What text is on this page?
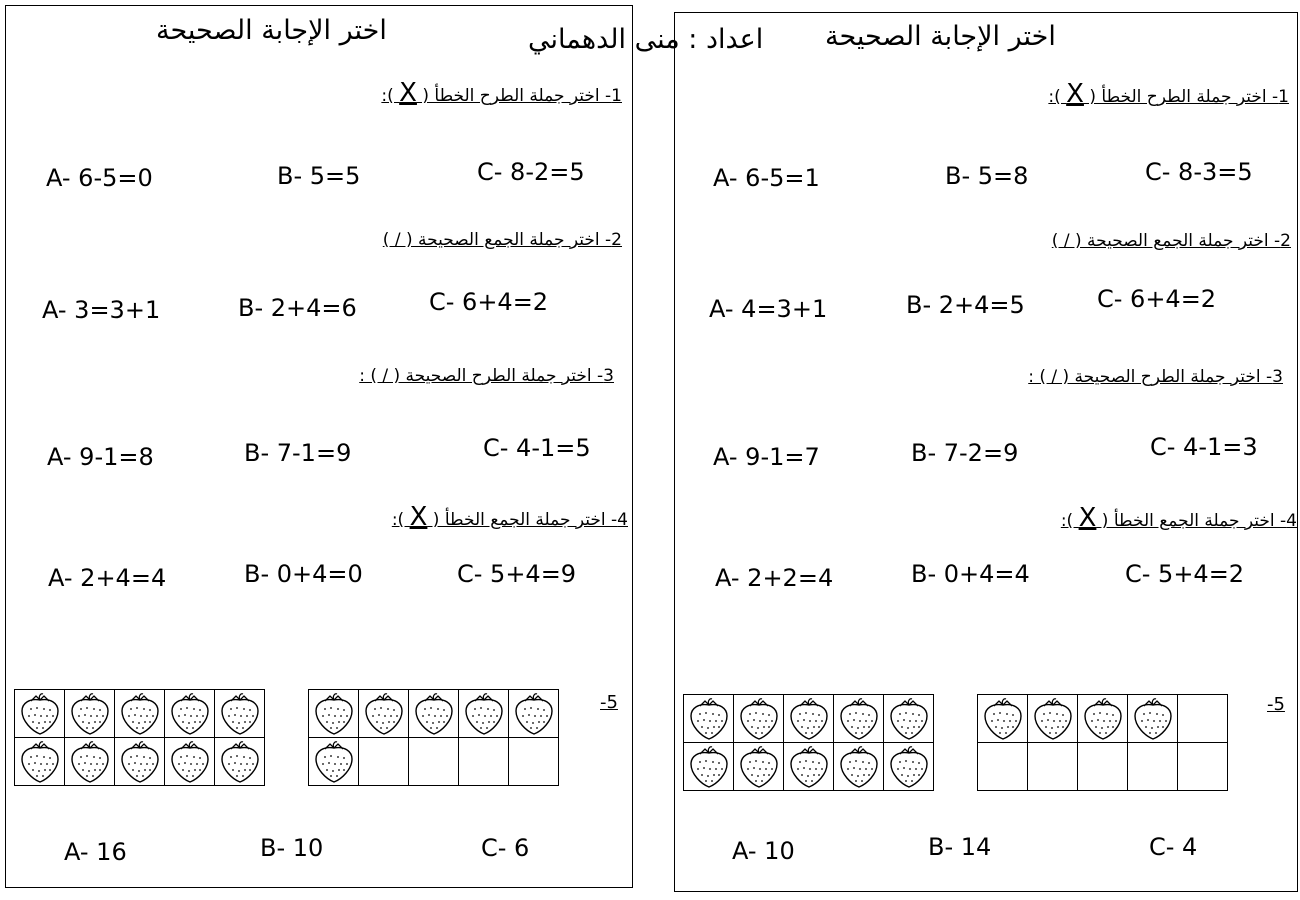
اختر الإجابة الصحيحة
1- اختر جملة الطرح الخطأ ( X ):
A- 6-5=0	B- 5=5	C- 8-2=5
2- اختر جملة الجمع الصحيحة ( / )
A- 3=3+1	B- 2+4=6	C- 6+4=2
3- اختر جملة الطرح الصحيحة ( / ) :
A- 9-1=8	B- 7-1=9	C- 4-1=5
4- اختر جملة الجمع الخطأ ( X ):
A- 2+4=4	B- 0+4=0	C- 5+4=9
-5

A- 16	B- 10	C- 6
اختر الإجابة الصحيحة
1- اختر جملة الطرح الخطأ ( X ):
A- 6-5=1	B- 5=8	C- 8-3=5
2- اختر جملة الجمع الصحيحة ( / )
A- 4=3+1	B- 2+4=5	C- 6+4=2
3- اختر جملة الطرح الصحيحة ( / ) :
A- 9-1=7	B- 7-2=9	C- 4-1=3
4- اختر جملة الجمع الخطأ ( X ):
A- 2+2=4	B- 0+4=4	C- 5+4=2
-5

A- 10	B- 14	C- 4
اعداد : منى الدهماني
